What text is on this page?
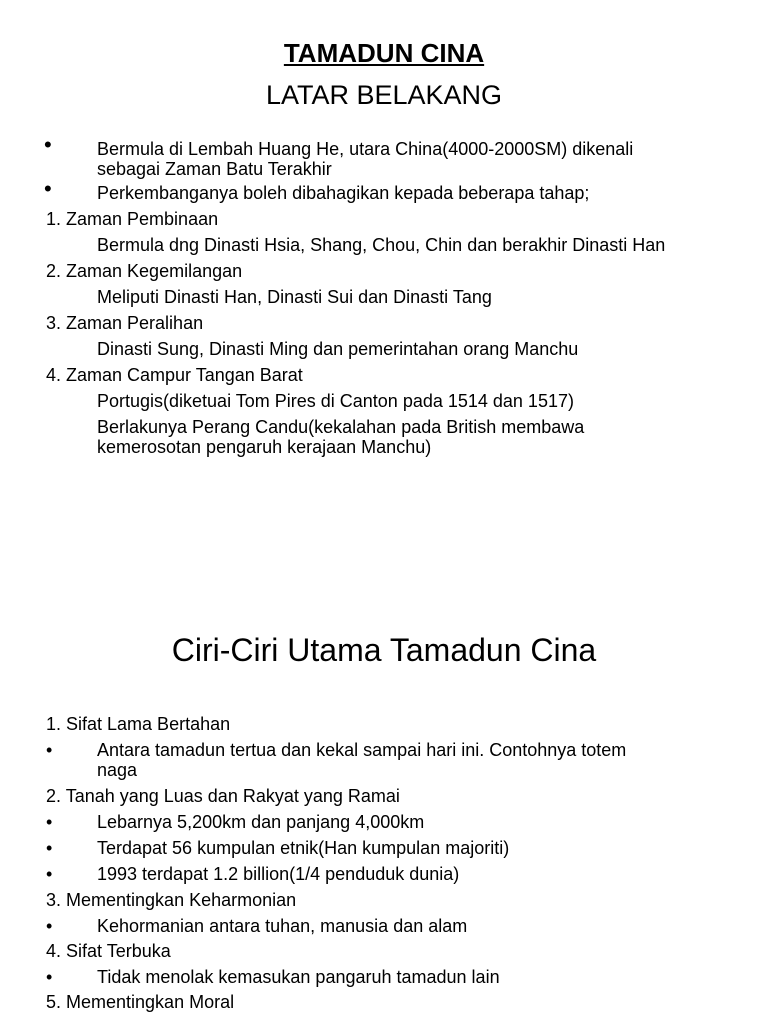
TAMADUN CINA
LATAR BELAKANG
•	Bermula di Lembah Huang He, utara China(4000-2000SM) dikenali
sebagai Zaman Batu Terakhir
•	Perkembanganya boleh dibahagikan kepada beberapa tahap;
1. Zaman Pembinaan
Bermula dng Dinasti Hsia, Shang, Chou, Chin dan berakhir Dinasti Han
2. Zaman Kegemilangan
Meliputi Dinasti Han, Dinasti Sui dan Dinasti Tang
3. Zaman Peralihan
Dinasti Sung, Dinasti Ming dan pemerintahan orang Manchu
4. Zaman Campur Tangan Barat
Portugis(diketuai Tom Pires di Canton pada 1514 dan 1517)
Berlakunya Perang Candu(kekalahan pada British membawa
kemerosotan pengaruh kerajaan Manchu)
Ciri-Ciri Utama Tamadun Cina
1. Sifat Lama Bertahan
• Antara tamadun tertua dan kekal sampai hari ini. Contohnya totem
naga
2. Tanah yang Luas dan Rakyat yang Ramai
• Lebarnya 5,200km dan panjang 4,000km
• Terdapat 56 kumpulan etnik(Han kumpulan majoriti)
• 1993 terdapat 1.2 billion(1/4 penduduk dunia)
3. Mementingkan Keharmonian
• Kehormanian antara tuhan, manusia dan alam
4. Sifat Terbuka
• Tidak menolak kemasukan pangaruh tamadun lain
5. Mementingkan Moral
